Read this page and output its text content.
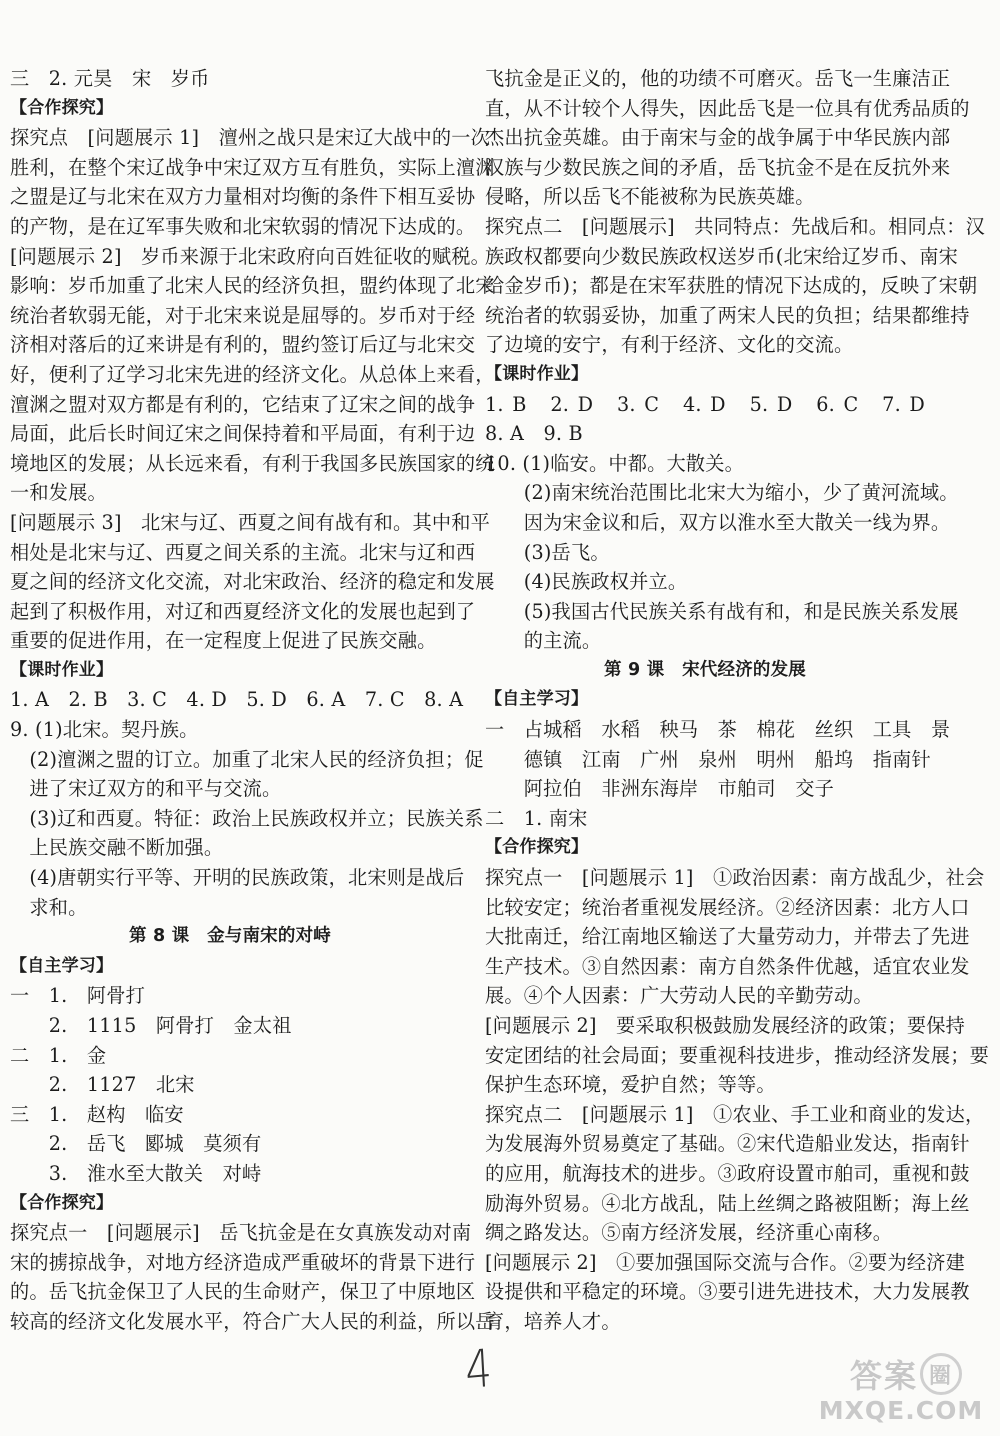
三　2. 元昊　宋　岁币
【合作探究】
探究点　[问题展示 1]　澶州之战只是宋辽大战中的一次
胜利，在整个宋辽战争中宋辽双方互有胜负，实际上澶渊
之盟是辽与北宋在双方力量相对均衡的条件下相互妥协
的产物，是在辽军事失败和北宋软弱的情况下达成的。
[问题展示 2]　岁币来源于北宋政府向百姓征收的赋税。
影响：岁币加重了北宋人民的经济负担，盟约体现了北宋
统治者软弱无能，对于北宋来说是屈辱的。岁币对于经
济相对落后的辽来讲是有利的，盟约签订后辽与北宋交
好，便利了辽学习北宋先进的经济文化。从总体上来看，
澶渊之盟对双方都是有利的，它结束了辽宋之间的战争
局面，此后长时间辽宋之间保持着和平局面，有利于边
境地区的发展；从长远来看，有利于我国多民族国家的统
一和发展。
[问题展示 3]　北宋与辽、西夏之间有战有和。其中和平
相处是北宋与辽、西夏之间关系的主流。北宋与辽和西
夏之间的经济文化交流，对北宋政治、经济的稳定和发展
起到了积极作用，对辽和西夏经济文化的发展也起到了
重要的促进作用，在一定程度上促进了民族交融。
【课时作业】
1. A　2. B　3. C　4. D　5. D　6. A　7. C　8. A
9. (1)北宋。契丹族。
　(2)澶渊之盟的订立。加重了北宋人民的经济负担；促
　进了宋辽双方的和平与交流。
　(3)辽和西夏。特征：政治上民族政权并立；民族关系
　上民族交融不断加强。
　(4)唐朝实行平等、开明的民族政策，北宋则是战后
　求和。
第 8 课　金与南宋的对峙
【自主学习】
一　1.　阿骨打
　　2.　1115　阿骨打　金太祖
二　1.　金
　　2.　1127　北宋
三　1.　赵构　临安
　　2.　岳飞　郾城　莫须有
　　3.　淮水至大散关　对峙
【合作探究】
探究点一　[问题展示]　岳飞抗金是在女真族发动对南
宋的掳掠战争，对地方经济造成严重破坏的背景下进行
的。岳飞抗金保卫了人民的生命财产，保卫了中原地区
较高的经济文化发展水平，符合广大人民的利益，所以岳
飞抗金是正义的，他的功绩不可磨灭。岳飞一生廉洁正
直，从不计较个人得失，因此岳飞是一位具有优秀品质的
杰出抗金英雄。由于南宋与金的战争属于中华民族内部
汉族与少数民族之间的矛盾，岳飞抗金不是在反抗外来
侵略，所以岳飞不能被称为民族英雄。
探究点二　[问题展示]　共同特点：先战后和。相同点：汉
族政权都要向少数民族政权送岁币(北宋给辽岁币、南宋
给金岁币)；都是在宋军获胜的情况下达成的，反映了宋朝
统治者的软弱妥协，加重了两宋人民的负担；结果都维持
了边境的安宁，有利于经济、文化的交流。
【课时作业】
1. B　2. D　3. C　4. D　5. D　6. C　7. D
8. A　9. B
10. (1)临安。中都。大散关。
　　(2)南宋统治范围比北宋大为缩小，少了黄河流域。
　　因为宋金议和后，双方以淮水至大散关一线为界。
　　(3)岳飞。
　　(4)民族政权并立。
　　(5)我国古代民族关系有战有和，和是民族关系发展
　　的主流。
第 9 课　宋代经济的发展
【自主学习】
一　占城稻　水稻　秧马　茶　棉花　丝织　工具　景
　　德镇　江南　广州　泉州　明州　船坞　指南针
　　阿拉伯　非洲东海岸　市舶司　交子
二　1. 南宋
【合作探究】
探究点一　[问题展示 1]　①政治因素：南方战乱少，社会
比较安定；统治者重视发展经济。②经济因素：北方人口
大批南迁，给江南地区输送了大量劳动力，并带去了先进
生产技术。③自然因素：南方自然条件优越，适宜农业发
展。④个人因素：广大劳动人民的辛勤劳动。
[问题展示 2]　要采取积极鼓励发展经济的政策；要保持
安定团结的社会局面；要重视科技进步，推动经济发展；要
保护生态环境，爱护自然；等等。
探究点二　[问题展示 1]　①农业、手工业和商业的发达，
为发展海外贸易奠定了基础。②宋代造船业发达，指南针
的应用，航海技术的进步。③政府设置市舶司，重视和鼓
励海外贸易。④北方战乱，陆上丝绸之路被阻断；海上丝
绸之路发达。⑤南方经济发展，经济重心南移。
[问题展示 2]　①要加强国际交流与合作。②要为经济建
设提供和平稳定的环境。③要引进先进技术，大力发展教
育，培养人才。
4	答案 圈
MXQE.COM
